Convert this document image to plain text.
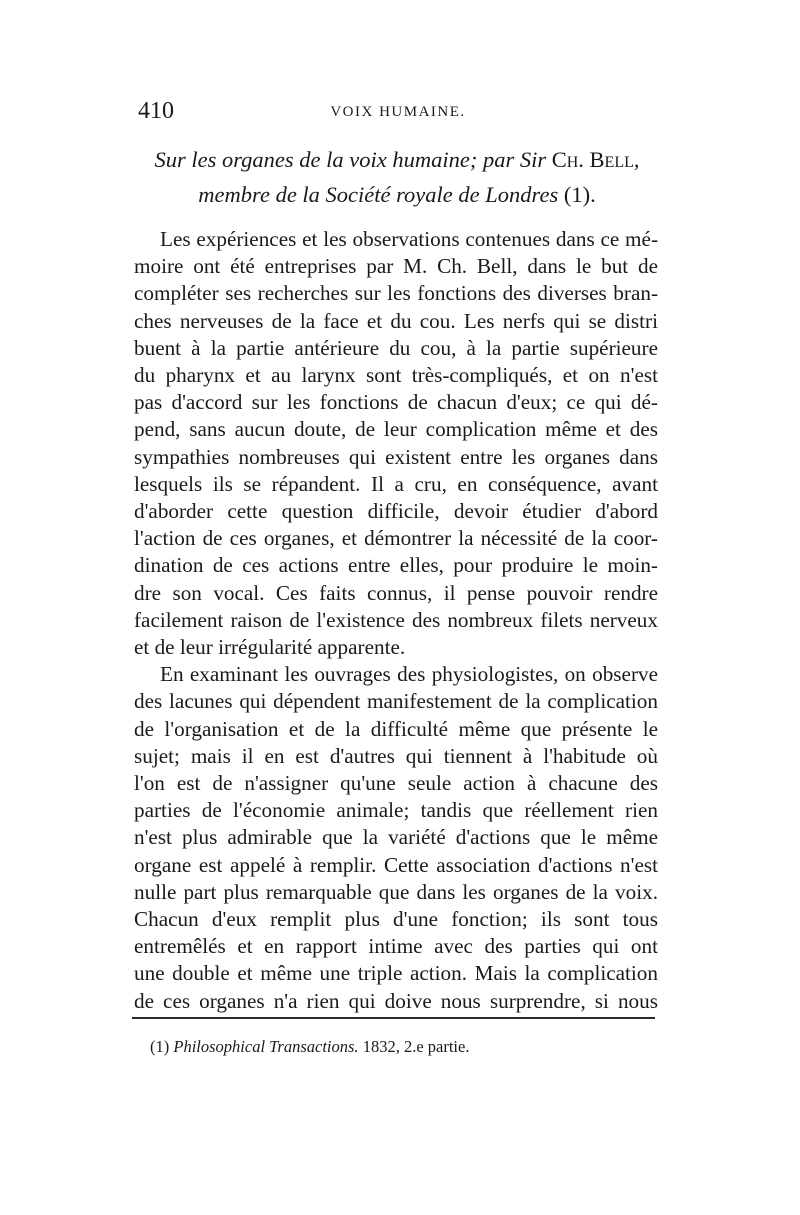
410	VOIX HUMAINE.
Sur les organes de la voix humaine; par Sir Ch. Bell,
membre de la Société royale de Londres (1).
Les expériences et les observations contenues dans ce mé-
moire ont été entreprises par M. Ch. Bell, dans le but de
compléter ses recherches sur les fonctions des diverses bran-
ches nerveuses de la face et du cou. Les nerfs qui se distri
buent à la partie antérieure du cou, à la partie supérieure
du pharynx et au larynx sont très-compliqués, et on n'est
pas d'accord sur les fonctions de chacun d'eux; ce qui dé-
pend, sans aucun doute, de leur complication même et des
sympathies nombreuses qui existent entre les organes dans
lesquels ils se répandent. Il a cru, en conséquence, avant
d'aborder cette question difficile, devoir étudier d'abord
l'action de ces organes, et démontrer la nécessité de la coor-
dination de ces actions entre elles, pour produire le moin-
dre son vocal. Ces faits connus, il pense pouvoir rendre
facilement raison de l'existence des nombreux filets nerveux
et de leur irrégularité apparente.
En examinant les ouvrages des physiologistes, on observe
des lacunes qui dépendent manifestement de la complication
de l'organisation et de la difficulté même que présente le
sujet; mais il en est d'autres qui tiennent à l'habitude où
l'on est de n'assigner qu'une seule action à chacune des
parties de l'économie animale; tandis que réellement rien
n'est plus admirable que la variété d'actions que le même
organe est appelé à remplir. Cette association d'actions n'est
nulle part plus remarquable que dans les organes de la voix.
Chacun d'eux remplit plus d'une fonction; ils sont tous
entremêlés et en rapport intime avec des parties qui ont
une double et même une triple action. Mais la complication
de ces organes n'a rien qui doive nous surprendre, si nous
(1) Philosophical Transactions. 1832, 2.e partie.
